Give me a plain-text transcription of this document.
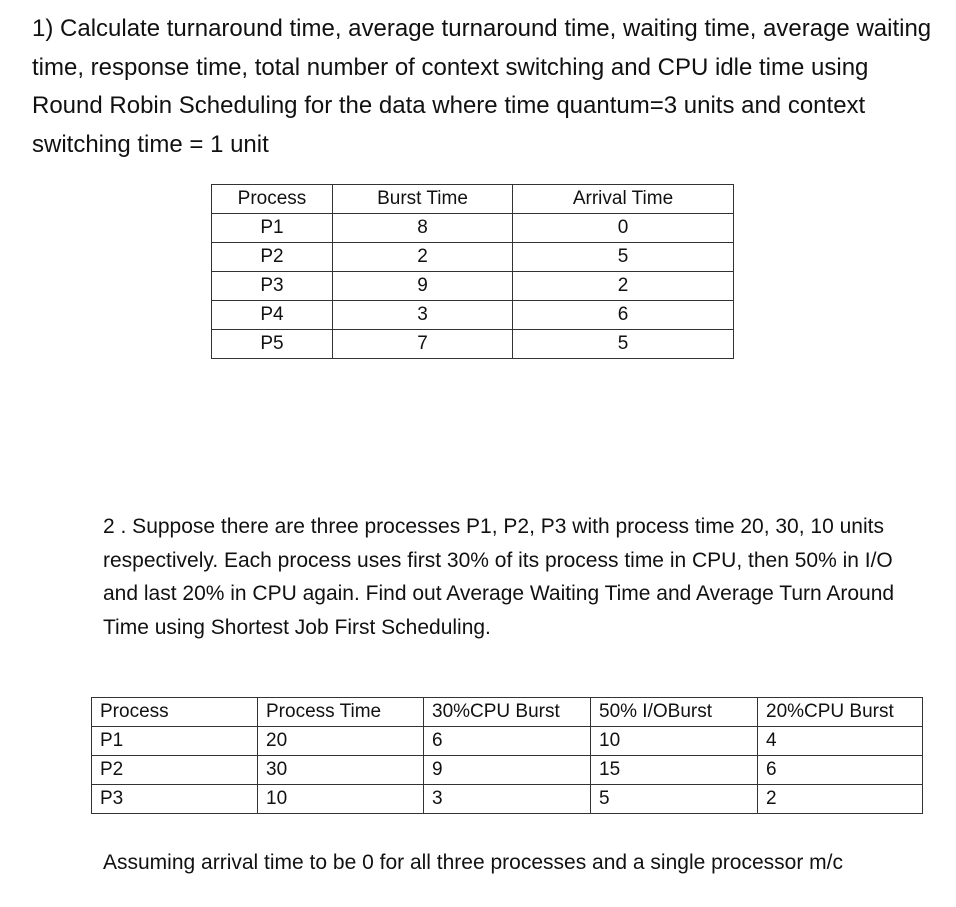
1) Calculate turnaround time, average turnaround time, waiting time, average waiting time, response time, total number of context switching and CPU idle time using Round Robin Scheduling for the data where time quantum=3 units and context switching time = 1 unit

Process	Burst Time	Arrival Time
P1	8	0
P2	2	5
P3	9	2
P4	3	6
P5	7	5

2 . Suppose there are three processes P1, P2, P3 with process time 20, 30, 10 units respectively. Each process uses first 30% of its process time in CPU, then 50% in I/O and last 20% in CPU again. Find out Average Waiting Time and Average Turn Around Time using Shortest Job First Scheduling.

Process	Process Time	30%CPU Burst	50% I/OBurst	20%CPU Burst
P1	20	6	10	4
P2	30	9	15	6
P3	10	3	5	2

Assuming arrival time to be 0 for all three processes and a single processor m/c
